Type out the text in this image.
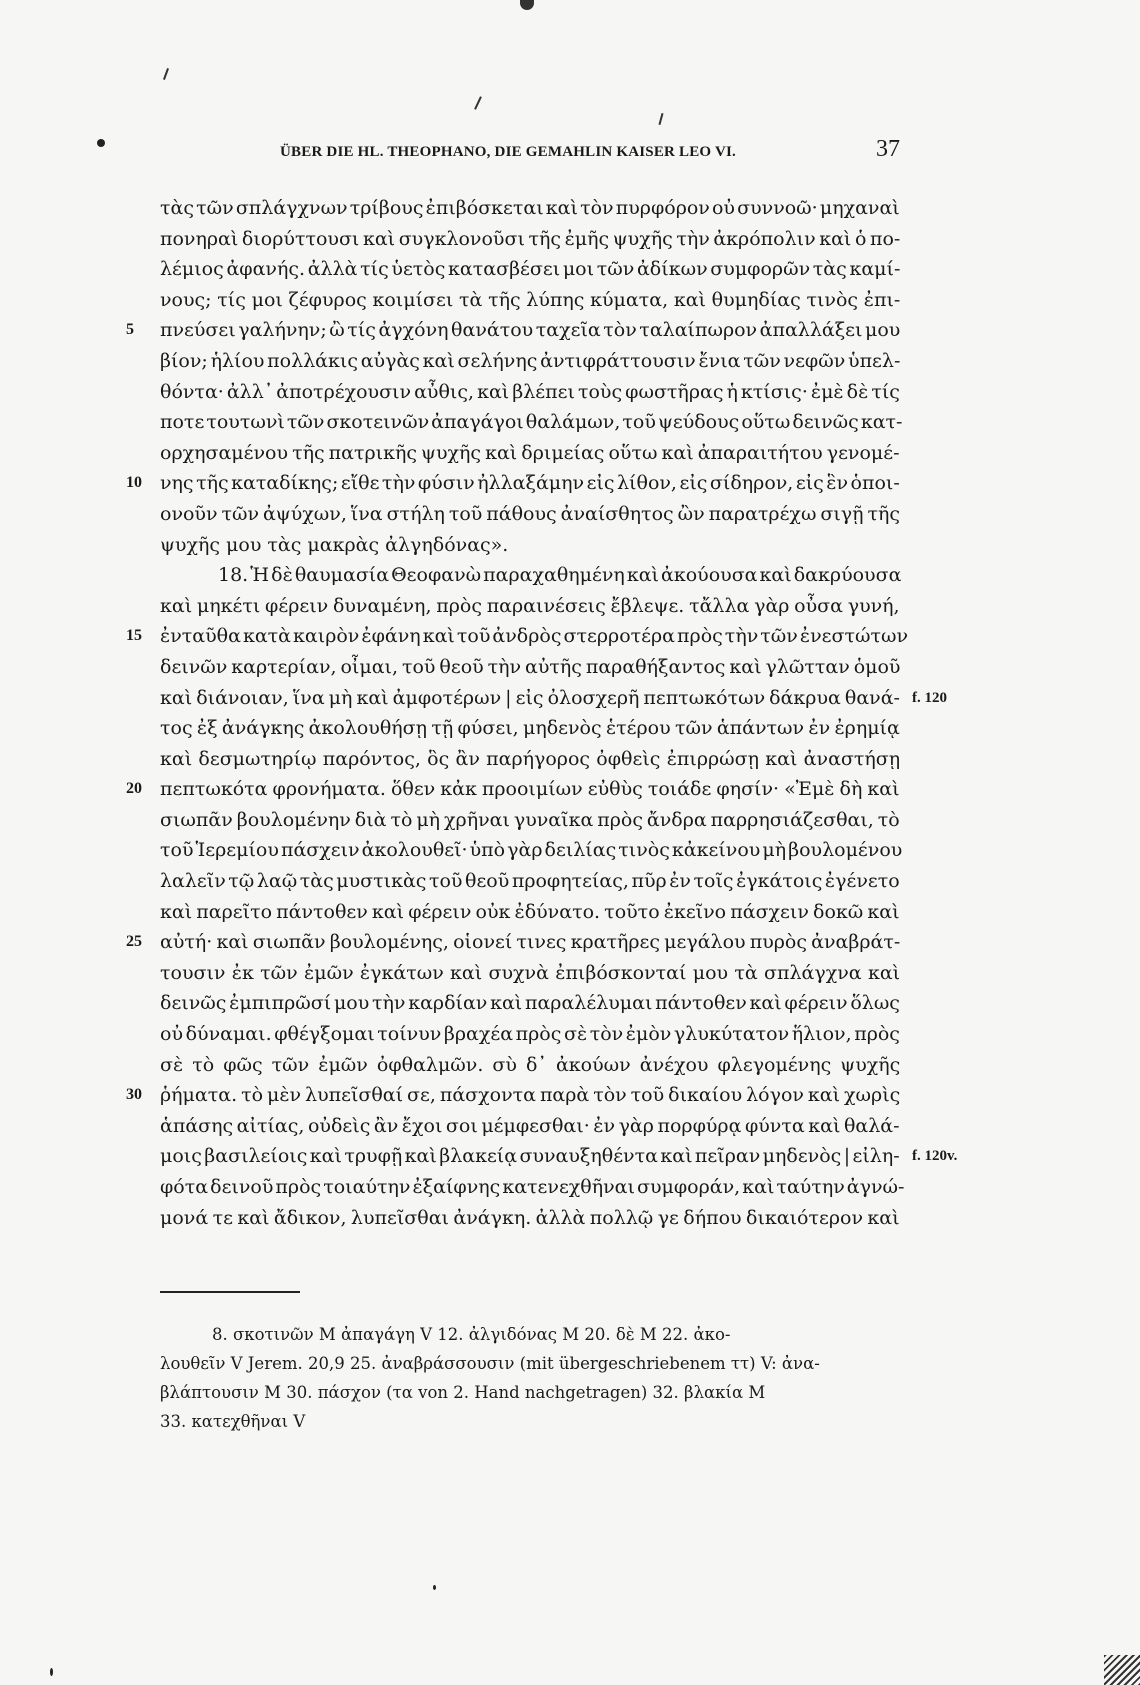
ÜBER DIE HL. THEOPHANO, DIE GEMAHLIN KAISER LEO VI.	37
τὰς τῶν σπλάγχνων τρίβους ἐπιβόσκεται καὶ τὸν πυρφόρον οὐ συννοῶ· μηχαναὶ
πονηραὶ διορύττουσι καὶ συγκλονοῦσι τῆς ἐμῆς ψυχῆς τὴν ἀκρόπολιν καὶ ὁ πο-
λέμιος ἀφανής. ἀλλὰ τίς ὑετὸς κατασβέσει μοι τῶν ἀδίκων συμφορῶν τὰς καμί-
νους; τίς μοι ζέφυρος κοιμίσει τὰ τῆς λύπης κύματα, καὶ θυμηδίας τινὸς ἐπι-
5	πνεύσει γαλήνην; ὢ τίς ἀγχόνη θανάτου ταχεῖα τὸν ταλαίπωρον ἀπαλλάξει μου
βίον; ἡλίου πολλάκις αὐγὰς καὶ σελήνης ἀντιφράττουσιν ἔνια τῶν νεφῶν ὑπελ-
θόντα· ἀλλ᾿ ἀποτρέχουσιν αὖθις, καὶ βλέπει τοὺς φωστῆρας ἡ κτίσις· ἐμὲ δὲ τίς
ποτε τουτωνὶ τῶν σκοτεινῶν ἀπαγάγοι θαλάμων, τοῦ ψεύδους οὕτω δεινῶς κατ-
ορχησαμένου τῆς πατρικῆς ψυχῆς καὶ δριμείας οὕτω καὶ ἀπαραιτήτου γενομέ-
10 νης τῆς καταδίκης; εἴθε τὴν φύσιν ἠλλαξάμην εἰς λίθον, εἰς σίδηρον, εἰς ἓν ὁποι-
ονοῦν τῶν ἀψύχων, ἵνα στήλη τοῦ πάθους ἀναίσθητος ὢν παρατρέχω σιγῇ τῆς
ψυχῆς μου τὰς μακρὰς ἀλγηδόνας».
18. Ἡ δὲ θαυμασία Θεοφανὼ παραχαθημένη καὶ ἀκούουσα καὶ δακρύουσα
καὶ μηκέτι φέρειν δυναμένη, πρὸς παραινέσεις ἔβλεψε. τἄλλα γὰρ οὖσα γυνή,
15 ἐνταῦθα κατὰ καιρὸν ἐφάνη καὶ τοῦ ἀνδρὸς στερροτέρα πρὸς τὴν τῶν ἐνεστώτων
δεινῶν καρτερίαν, οἶμαι, τοῦ θεοῦ τὴν αὐτῆς παραθήξαντος καὶ γλῶτταν ὁμοῦ
καὶ διάνοιαν, ἵνα μὴ καὶ ἀμφοτέρων | εἰς ὀλοσχερῆ πεπτωκότων δάκρυα θανά- f. 120
τος ἐξ ἀνάγκης ἀκολουθήσῃ τῇ φύσει, μηδενὸς ἑτέρου τῶν ἁπάντων ἐν ἐρημίᾳ
καὶ δεσμωτηρίῳ παρόντος, ὃς ἂν παρήγορος ὀφθεὶς ἐπιρρώσῃ καὶ ἀναστήσῃ
20 πεπτωκότα φρονήματα. ὅθεν κἀκ προοιμίων εὐθὺς τοιάδε φησίν· «Ἐμὲ δὴ καὶ
σιωπᾶν βουλομένην διὰ τὸ μὴ χρῆναι γυναῖκα πρὸς ἄνδρα παρρησιάζεσθαι, τὸ
τοῦ Ἱερεμίου πάσχειν ἀκολουθεῖ· ὑπὸ γὰρ δειλίας τινὸς κἀκείνου μὴ βουλομένου
λαλεῖν τῷ λαῷ τὰς μυστικὰς τοῦ θεοῦ προφητείας, πῦρ ἐν τοῖς ἐγκάτοις ἐγένετο
καὶ παρεῖτο πάντοθεν καὶ φέρειν οὐκ ἐδύνατο. τοῦτο ἐκεῖνο πάσχειν δοκῶ καὶ
25 αὐτή· καὶ σιωπᾶν βουλομένης, οἱονεί τινες κρατῆρες μεγάλου πυρὸς ἀναβράτ-
τουσιν ἐκ τῶν ἐμῶν ἐγκάτων καὶ συχνὰ ἐπιβόσκονταί μου τὰ σπλάγχνα καὶ
δεινῶς ἐμπιπρῶσί μου τὴν καρδίαν καὶ παραλέλυμαι πάντοθεν καὶ φέρειν ὅλως
οὐ δύναμαι. φθέγξομαι τοίνυν βραχέα πρὸς σὲ τὸν ἐμὸν γλυκύτατον ἥλιον, πρὸς
σὲ τὸ φῶς τῶν ἐμῶν ὀφθαλμῶν. σὺ δ᾿ ἀκούων ἀνέχου φλεγομένης ψυχῆς
30 ῥήματα. τὸ μὲν λυπεῖσθαί σε, πάσχοντα παρὰ τὸν τοῦ δικαίου λόγον καὶ χωρὶς
ἁπάσης αἰτίας, οὐδεὶς ἂν ἔχοι σοι μέμφεσθαι· ἐν γὰρ πορφύρᾳ φύντα καὶ θαλά-
μοις βασιλείοις καὶ τρυφῇ καὶ βλακείᾳ συναυξηθέντα καὶ πεῖραν μηδενὸς | εἰλη- f. 120v.
φότα δεινοῦ πρὸς τοιαύτην ἐξαίφνης κατενεχθῆναι συμφοράν, καὶ ταύτην ἀγνώ-
μονά τε καὶ ἄδικον, λυπεῖσθαι ἀνάγκη. ἀλλὰ πολλῷ γε δήπου δικαιότερον καὶ
8. σκοτινῶν M ἀπαγάγη V 12. ἀλγιδόνας M 20. δὲ M 22. ἀκο-
λουθεῖν V Jerem. 20,9 25. ἀναβράσσουσιν (mit übergeschriebenem ττ) V: ἀνα-
βλάπτουσιν M 30. πάσχον (τα von 2. Hand nachgetragen) 32. βλακία M
33. κατεχθῆναι V
